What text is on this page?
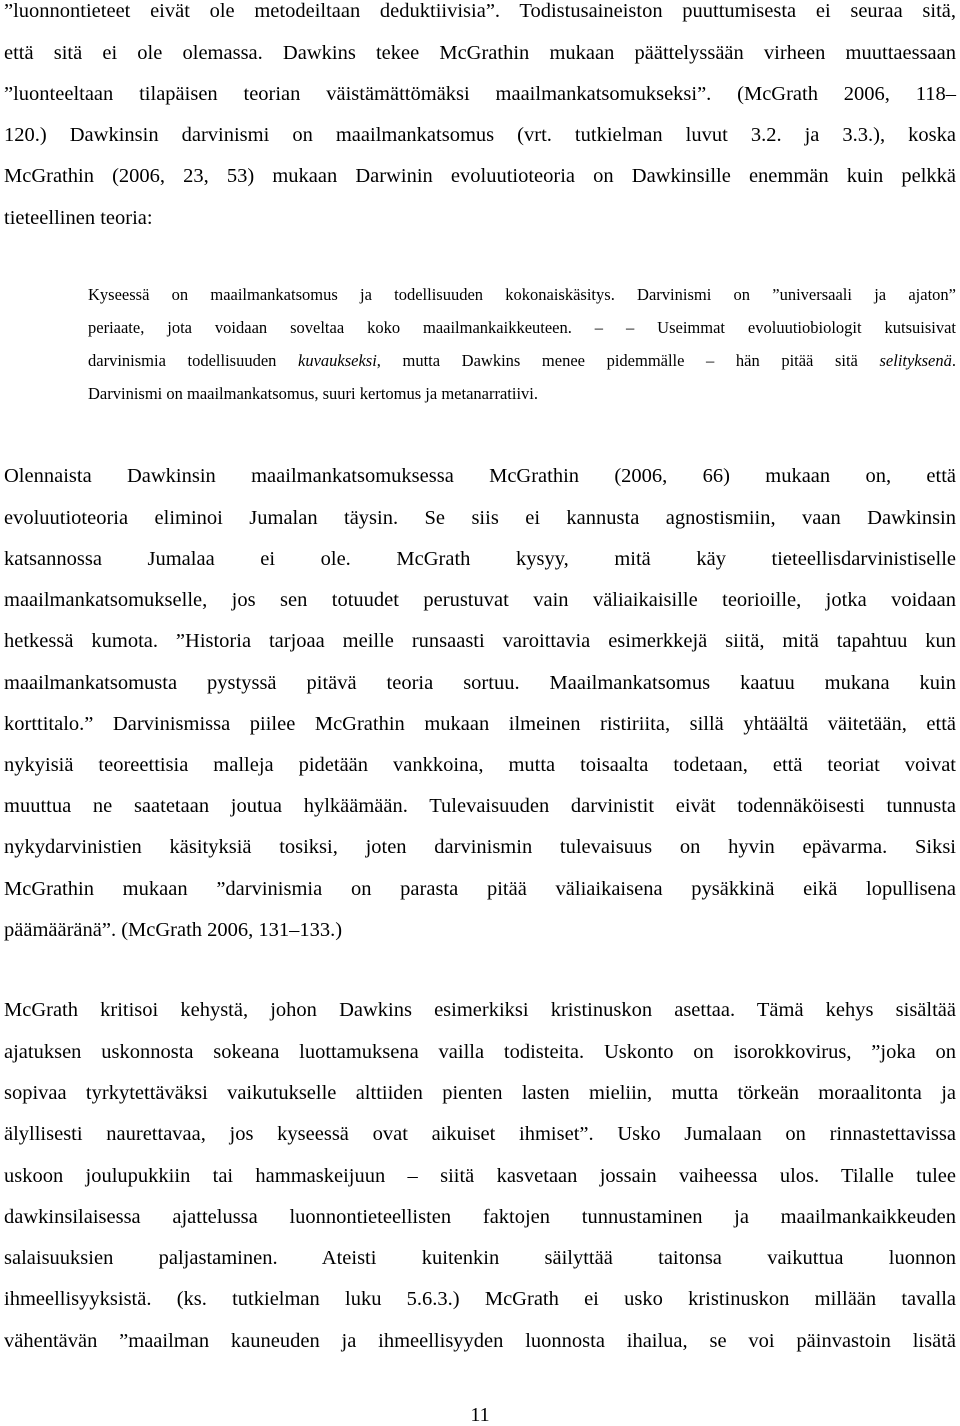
”luonnontieteet eivät ole metodeiltaan deduktiivisia”. Todistusaineiston puuttumisesta ei seuraa sitä,
että sitä ei ole olemassa. Dawkins tekee McGrathin mukaan päättelyssään virheen muuttaessaan
”luonteeltaan tilapäisen teorian väistämättömäksi maailmankatsomukseksi”. (McGrath 2006, 118–
120.) Dawkinsin darvinismi on maailmankatsomus (vrt. tutkielman luvut 3.2. ja 3.3.), koska
McGrathin (2006, 23, 53) mukaan Darwinin evoluutioteoria on Dawkinsille enemmän kuin pelkkä
tieteellinen teoria:
Kyseessä on maailmankatsomus ja todellisuuden kokonaiskäsitys. Darvinismi on ”universaali ja ajaton”
periaate, jota voidaan soveltaa koko maailmankaikkeuteen. – – Useimmat evoluutiobiologit kutsuisivat
darvinismia todellisuuden kuvaukseksi, mutta Dawkins menee pidemmälle – hän pitää sitä selityksenä.
Darvinismi on maailmankatsomus, suuri kertomus ja metanarratiivi.
Olennaista Dawkinsin maailmankatsomuksessa McGrathin (2006, 66) mukaan on, että
evoluutioteoria eliminoi Jumalan täysin. Se siis ei kannusta agnostismiin, vaan Dawkinsin
katsannossa Jumalaa ei ole. McGrath kysyy, mitä käy tieteellisdarvinistiselle
maailmankatsomukselle, jos sen totuudet perustuvat vain väliaikaisille teorioille, jotka voidaan
hetkessä kumota. ”Historia tarjoaa meille runsaasti varoittavia esimerkkejä siitä, mitä tapahtuu kun
maailmankatsomusta pystyssä pitävä teoria sortuu. Maailmankatsomus kaatuu mukana kuin
korttitalo.” Darvinismissa piilee McGrathin mukaan ilmeinen ristiriita, sillä yhtäältä väitetään, että
nykyisiä teoreettisia malleja pidetään vankkoina, mutta toisaalta todetaan, että teoriat voivat
muuttua ne saatetaan joutua hylkäämään. Tulevaisuuden darvinistit eivät todennäköisesti tunnusta
nykydarvinistien käsityksiä tosiksi, joten darvinismin tulevaisuus on hyvin epävarma. Siksi
McGrathin mukaan ”darvinismia on parasta pitää väliaikaisena pysäkkinä eikä lopullisena
päämääränä”. (McGrath 2006, 131–133.)
McGrath kritisoi kehystä, johon Dawkins esimerkiksi kristinuskon asettaa. Tämä kehys sisältää
ajatuksen uskonnosta sokeana luottamuksena vailla todisteita. Uskonto on isorokkovirus, ”joka on
sopivaa tyrkytettäväksi vaikutukselle alttiiden pienten lasten mieliin, mutta törkeän moraalitonta ja
älyllisesti naurettavaa, jos kyseessä ovat aikuiset ihmiset”. Usko Jumalaan on rinnastettavissa
uskoon joulupukkiin tai hammaskeijuun – siitä kasvetaan jossain vaiheessa ulos. Tilalle tulee
dawkinsilaisessa ajattelussa luonnontieteellisten faktojen tunnustaminen ja maailmankaikkeuden
salaisuuksien paljastaminen. Ateisti kuitenkin säilyttää taitonsa vaikuttua luonnon
ihmeellisyyksistä. (ks. tutkielman luku 5.6.3.) McGrath ei usko kristinuskon millään tavalla
vähentävän ”maailman kauneuden ja ihmeellisyyden luonnosta ihailua, se voi päinvastoin lisätä
11
